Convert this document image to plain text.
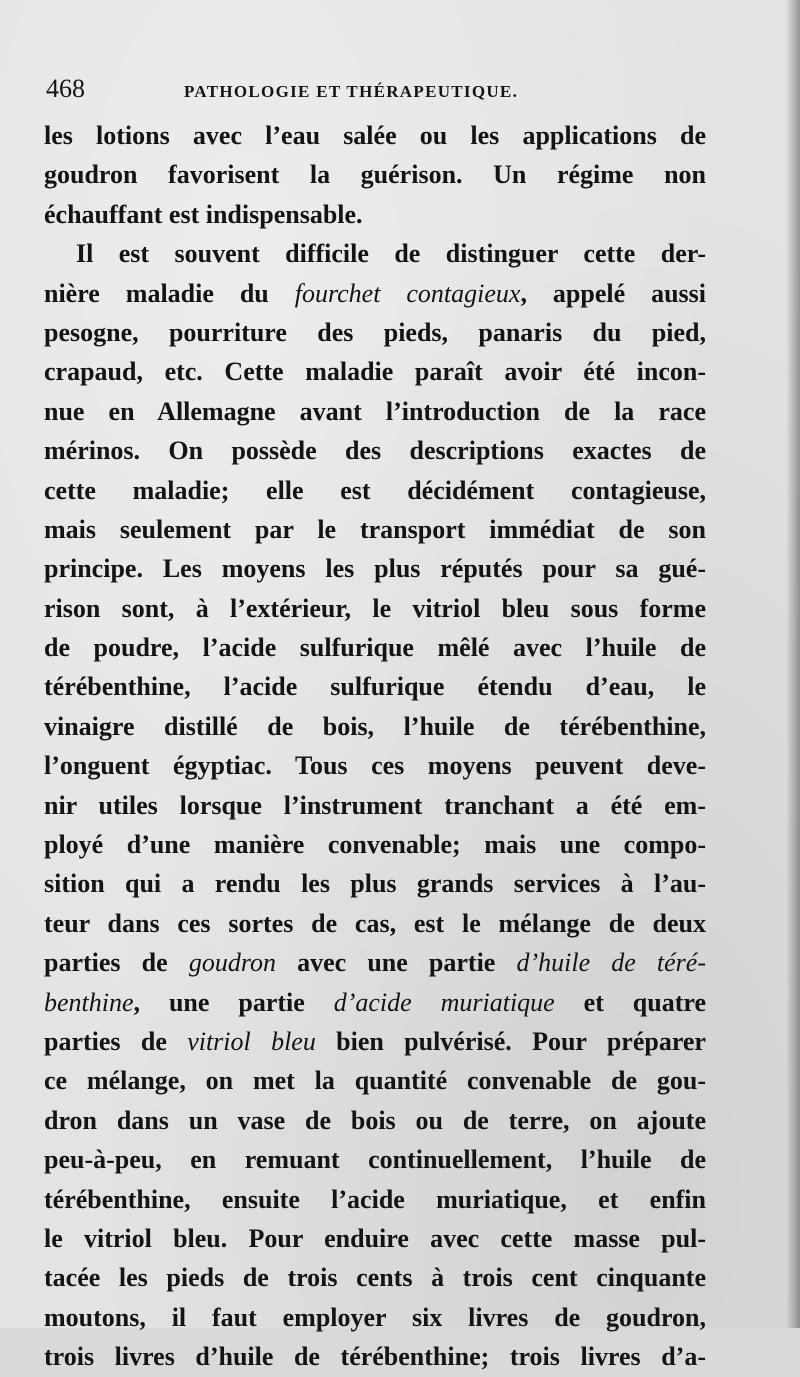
468	PATHOLOGIE ET THÉRAPEUTIQUE.
les lotions avec l’eau salée ou les applications de
goudron favorisent la guérison. Un régime non
échauffant est indispensable.
Il est souvent difficile de distinguer cette der-
nière maladie du fourchet contagieux, appelé aussi
pesogne, pourriture des pieds, panaris du pied,
crapaud, etc. Cette maladie paraît avoir été incon-
nue en Allemagne avant l’introduction de la race
mérinos. On possède des descriptions exactes de
cette maladie; elle est décidément contagieuse,
mais seulement par le transport immédiat de son
principe. Les moyens les plus réputés pour sa gué-
rison sont, à l’extérieur, le vitriol bleu sous forme
de poudre, l’acide sulfurique mêlé avec l’huile de
térébenthine, l’acide sulfurique étendu d’eau, le
vinaigre distillé de bois, l’huile de térébenthine,
l’onguent égyptiac. Tous ces moyens peuvent deve-
nir utiles lorsque l’instrument tranchant a été em-
ployé d’une manière convenable; mais une compo-
sition qui a rendu les plus grands services à l’au-
teur dans ces sortes de cas, est le mélange de deux
parties de goudron avec une partie d’huile de téré-
benthine, une partie d’acide muriatique et quatre
parties de vitriol bleu bien pulvérisé. Pour préparer
ce mélange, on met la quantité convenable de gou-
dron dans un vase de bois ou de terre, on ajoute
peu-à-peu, en remuant continuellement, l’huile de
térébenthine, ensuite l’acide muriatique, et enfin
le vitriol bleu. Pour enduire avec cette masse pul-
tacée les pieds de trois cents à trois cent cinquante
moutons, il faut employer six livres de goudron,
trois livres d’huile de térébenthine; trois livres d’a-
